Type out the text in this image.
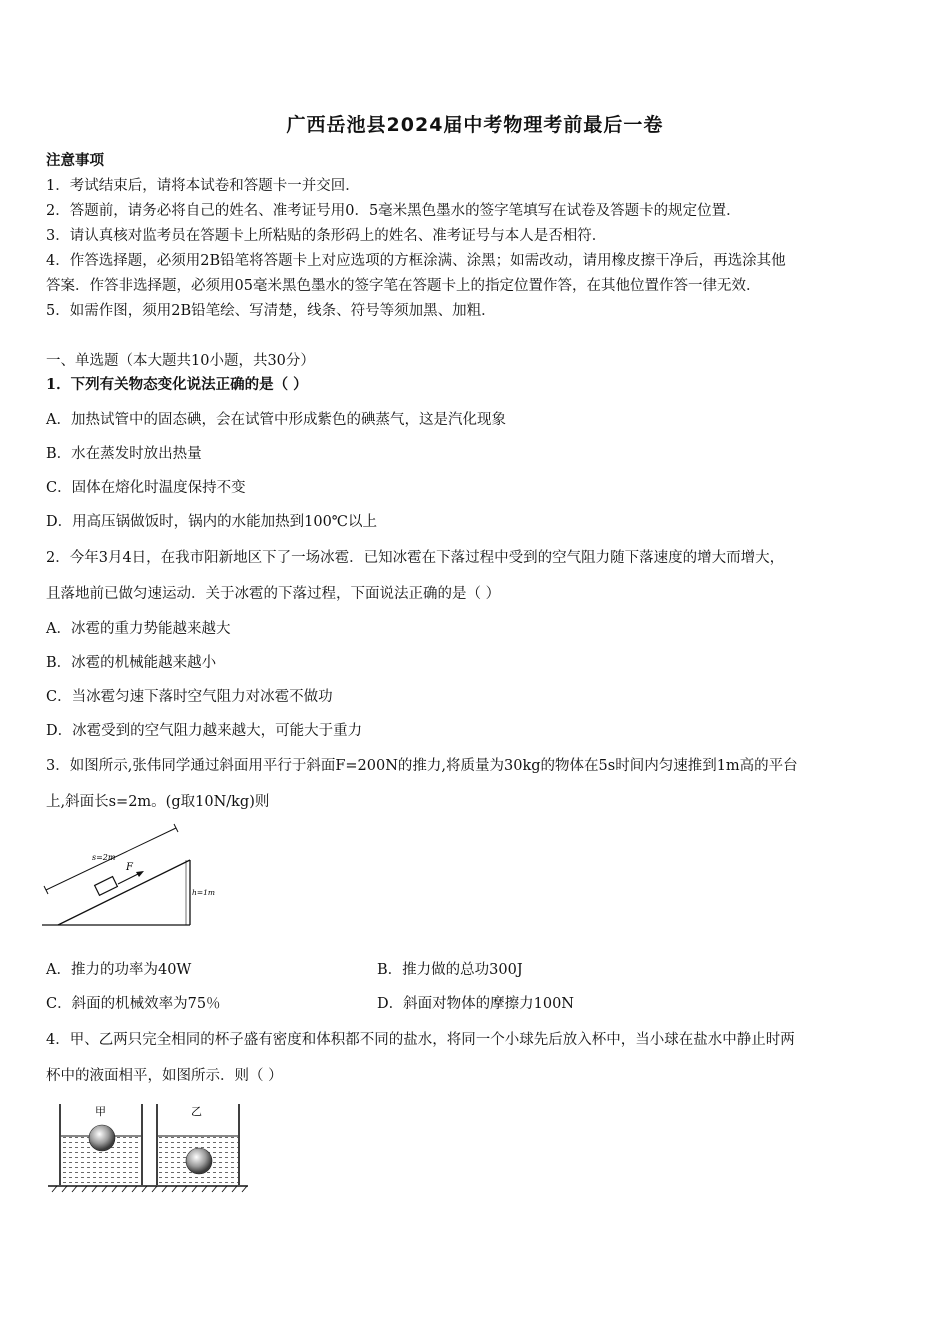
广西岳池县2024届中考物理考前最后一卷
注意事项
1．考试结束后，请将本试卷和答题卡一并交回．
2．答题前，请务必将自己的姓名、准考证号用0．5毫米黑色墨水的签字笔填写在试卷及答题卡的规定位置．
3．请认真核对监考员在答题卡上所粘贴的条形码上的姓名、准考证号与本人是否相符．
4．作答选择题，必须用2B铅笔将答题卡上对应选项的方框涂满、涂黑；如需改动，请用橡皮擦干净后，再选涂其他
答案．作答非选择题，必须用05毫米黑色墨水的签字笔在答题卡上的指定位置作答，在其他位置作答一律无效．
5．如需作图，须用2B铅笔绘、写清楚，线条、符号等须加黑、加粗．
一、单选题（本大题共10小题，共30分）
1．下列有关物态变化说法正确的是（ ）
A．加热试管中的固态碘，会在试管中形成紫色的碘蒸气，这是汽化现象
B．水在蒸发时放出热量
C．固体在熔化时温度保持不变
D．用高压锅做饭时，锅内的水能加热到100℃以上
2．今年3月4日，在我市阳新地区下了一场冰雹．已知冰雹在下落过程中受到的空气阻力随下落速度的增大而增大，
且落地前已做匀速运动．关于冰雹的下落过程，下面说法正确的是（ ）
A．冰雹的重力势能越来越大
B．冰雹的机械能越来越小
C．当冰雹匀速下落时空气阻力对冰雹不做功
D．冰雹受到的空气阻力越来越大，可能大于重力
3．如图所示,张伟同学通过斜面用平行于斜面F=200N的推力,将质量为30kg的物体在5s时间内匀速推到1m高的平台
上,斜面长s=2m。(g取10N/kg)则
s=2m
F
h=1m
A．推力的功率为40W	B．推力做的总功300J
C．斜面的机械效率为75％	D．斜面对物体的摩擦力100N
4．甲、乙两只完全相同的杯子盛有密度和体积都不同的盐水，将同一个小球先后放入杯中，当小球在盐水中静止时两
杯中的液面相平，如图所示．则（ ）
甲	乙
